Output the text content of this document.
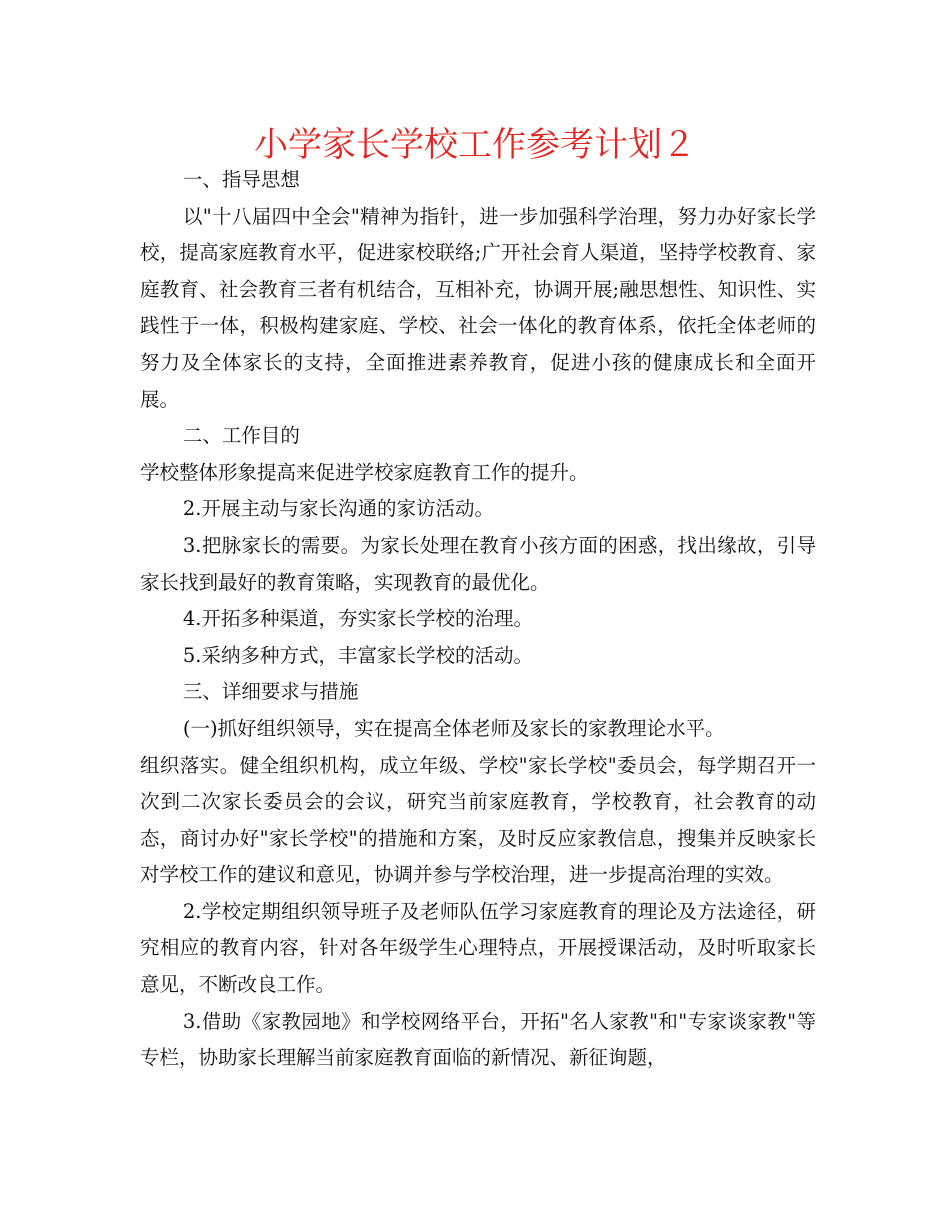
小学家长学校工作参考计划２

一、指导思想

以"十八届四中全会"精神为指针，进一步加强科学治理，努力办好家长学校，提高家庭教育水平，促进家校联络;广开社会育人渠道，坚持学校教育、家庭教育、社会教育三者有机结合，互相补充，协调开展;融思想性、知识性、实践性于一体，积极构建家庭、学校、社会一体化的教育体系，依托全体老师的努力及全体家长的支持，全面推进素养教育，促进小孩的健康成长和全面开展。

二、工作目的

学校整体形象提高来促进学校家庭教育工作的提升。

2.开展主动与家长沟通的家访活动。

3.把脉家长的需要。为家长处理在教育小孩方面的困惑，找出缘故，引导家长找到最好的教育策略，实现教育的最优化。

4.开拓多种渠道，夯实家长学校的治理。

5.采纳多种方式，丰富家长学校的活动。

三、详细要求与措施

(一)抓好组织领导，实在提高全体老师及家长的家教理论水平。

组织落实。健全组织机构，成立年级、学校"家长学校"委员会，每学期召开一次到二次家长委员会的会议，研究当前家庭教育，学校教育，社会教育的动态，商讨办好"家长学校"的措施和方案，及时反应家教信息，搜集并反映家长对学校工作的建议和意见，协调并参与学校治理，进一步提高治理的实效。

2.学校定期组织领导班子及老师队伍学习家庭教育的理论及方法途径，研究相应的教育内容，针对各年级学生心理特点，开展授课活动，及时听取家长意见，不断改良工作。

3.借助《家教园地》和学校网络平台，开拓"名人家教"和"专家谈家教"等专栏，协助家长理解当前家庭教育面临的新情况、新征询题，
